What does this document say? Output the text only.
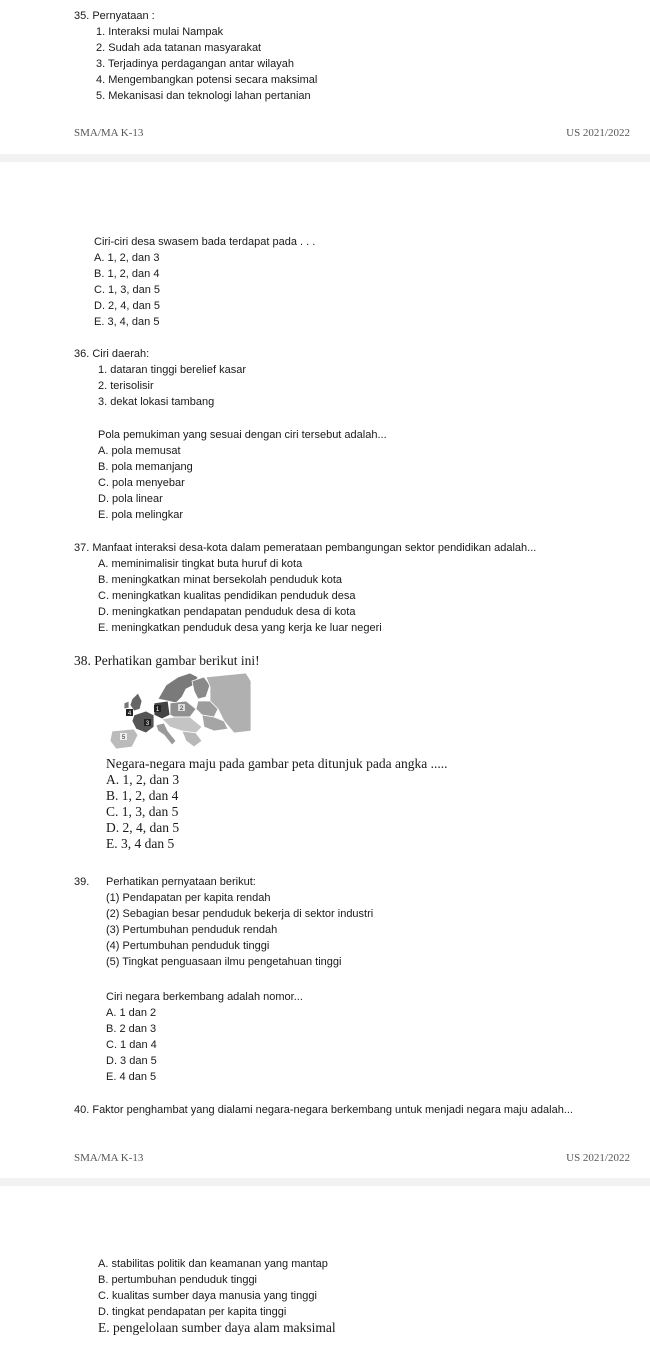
35. Pernyataan :
1. Interaksi mulai Nampak
2. Sudah ada tatanan masyarakat
3. Terjadinya perdagangan antar wilayah
4. Mengembangkan potensi secara maksimal
5. Mekanisasi dan teknologi lahan pertanian
SMA/MA K-13	US 2021/2022
Ciri-ciri desa swasem bada terdapat pada . . .
A. 1, 2, dan 3
B. 1, 2, dan 4
C. 1, 3, dan 5
D. 2, 4, dan 5
E. 3, 4, dan 5
36. Ciri daerah:
1. dataran tinggi berelief kasar
2. terisolisir
3. dekat lokasi tambang
Pola pemukiman yang sesuai dengan ciri tersebut adalah...
A. pola memusat
B. pola memanjang
C. pola menyebar
D. pola linear
E. pola melingkar
37. Manfaat interaksi desa-kota dalam pemerataan pembangungan sektor pendidikan adalah...
A. meminimalisir tingkat buta huruf di kota
B. meningkatkan minat bersekolah penduduk kota
C. meningkatkan kualitas pendidikan penduduk desa
D. meningkatkan pendapatan penduduk desa di kota
E. meningkatkan penduduk desa yang kerja ke luar negeri
38. Perhatikan gambar berikut ini!
1	2
3
4
5
Negara-negara maju pada gambar peta ditunjuk pada angka .....
A. 1, 2, dan 3
B. 1, 2, dan 4
C. 1, 3, dan 5
D. 2, 4, dan 5
E. 3, 4 dan 5
39. Perhatikan pernyataan berikut:
(1) Pendapatan per kapita rendah
(2) Sebagian besar penduduk bekerja di sektor industri
(3) Pertumbuhan penduduk rendah
(4) Pertumbuhan penduduk tinggi
(5) Tingkat penguasaan ilmu pengetahuan tinggi
Ciri negara berkembang adalah nomor...
A. 1 dan 2
B. 2 dan 3
C. 1 dan 4
D. 3 dan 5
E. 4 dan 5
40. Faktor penghambat yang dialami negara-negara berkembang untuk menjadi negara maju adalah...
SMA/MA K-13	US 2021/2022
A. stabilitas politik dan keamanan yang mantap
B. pertumbuhan penduduk tinggi
C. kualitas sumber daya manusia yang tinggi
D. tingkat pendapatan per kapita tinggi
E. pengelolaan sumber daya alam maksimal
